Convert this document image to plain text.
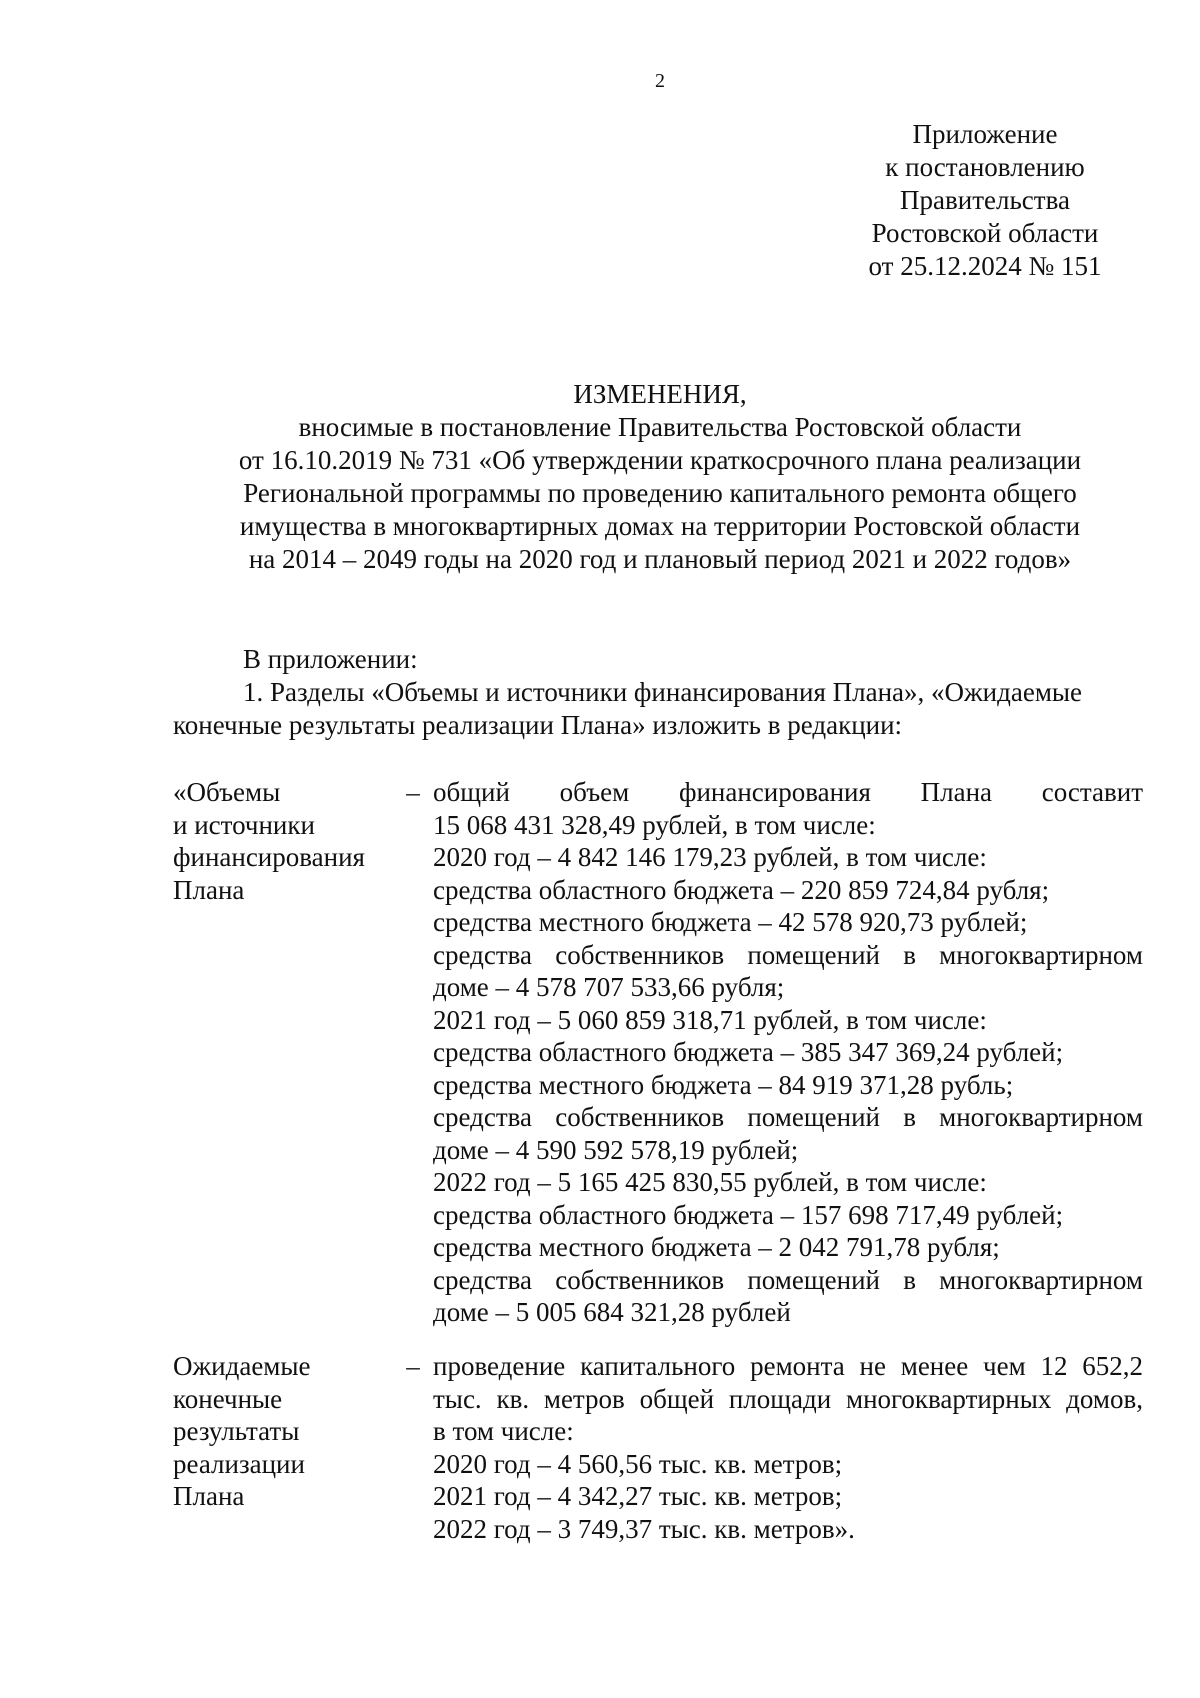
2
Приложение
к постановлению
Правительства
Ростовской области
от 25.12.2024 № 151
ИЗМЕНЕНИЯ,
вносимые в постановление Правительства Ростовской области
от 16.10.2019 № 731 «Об утверждении краткосрочного плана реализации
Региональной программы по проведению капитального ремонта общего
имущества в многоквартирных домах на территории Ростовской области
на 2014 – 2049 годы на 2020 год и плановый период 2021 и 2022 годов»
В приложении:
1. Разделы «Объемы и источники финансирования Плана», «Ожидаемые
конечные результаты реализации Плана» изложить в редакции:
«Объемы
и источники
финансирования
Плана
– общий объем финансирования Плана составит
15 068 431 328,49 рублей, в том числе:
2020 год – 4 842 146 179,23 рублей, в том числе:
средства областного бюджета – 220 859 724,84 рубля;
средства местного бюджета – 42 578 920,73 рублей;
средства собственников помещений в многоквартирном
доме – 4 578 707 533,66 рубля;
2021 год – 5 060 859 318,71 рублей, в том числе:
средства областного бюджета – 385 347 369,24 рублей;
средства местного бюджета – 84 919 371,28 рубль;
средства собственников помещений в многоквартирном
доме – 4 590 592 578,19 рублей;
2022 год – 5 165 425 830,55 рублей, в том числе:
средства областного бюджета – 157 698 717,49 рублей;
средства местного бюджета – 2 042 791,78 рубля;
средства собственников помещений в многоквартирном
доме – 5 005 684 321,28 рублей
Ожидаемые
конечные
результаты
реализации
Плана
– проведение капитального ремонта не менее чем 12 652,2
тыс. кв. метров общей площади многоквартирных домов,
в том числе:
2020 год – 4 560,56 тыс. кв. метров;
2021 год – 4 342,27 тыс. кв. метров;
2022 год – 3 749,37 тыс. кв. метров».
